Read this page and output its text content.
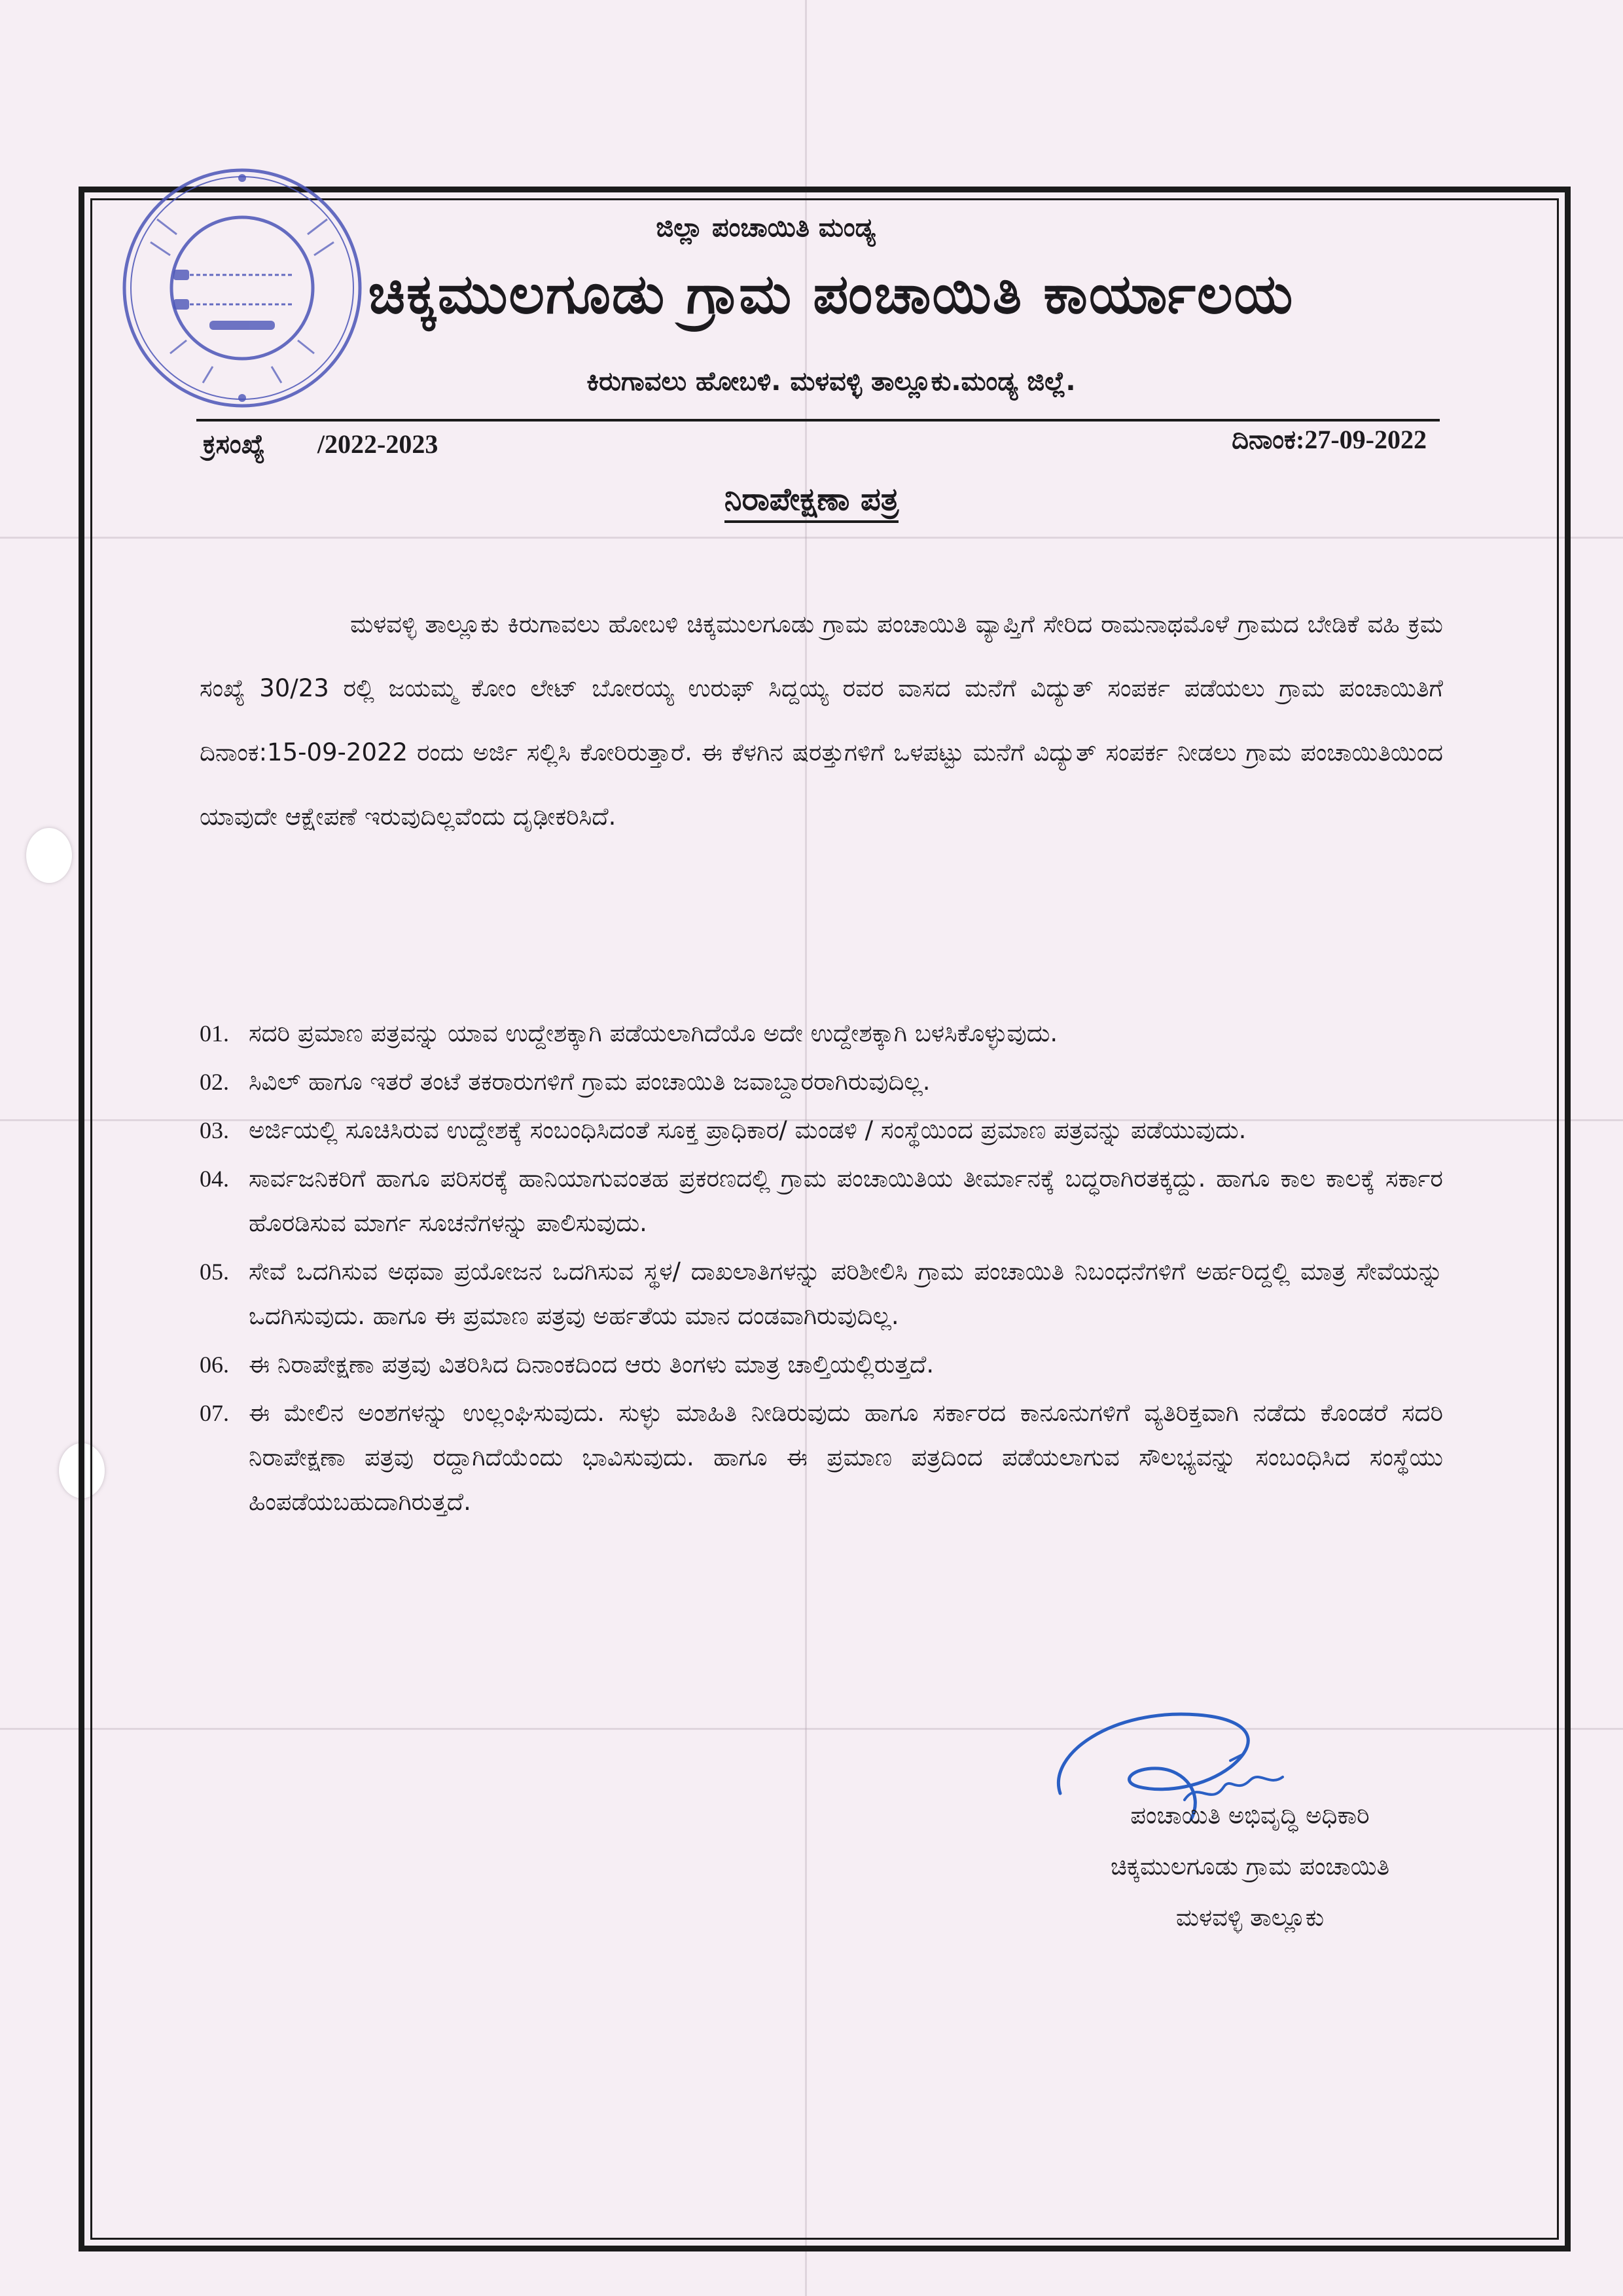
ಜಿಲ್ಲಾ ಪಂಚಾಯಿತಿ ಮಂಡ್ಯ
ಚಿಕ್ಕಮುಲಗೂಡು ಗ್ರಾಮ ಪಂಚಾಯಿತಿ ಕಾರ್ಯಾಲಯ
ಕಿರುಗಾವಲು ಹೋಬಳಿ. ಮಳವಳ್ಳಿ ತಾಲ್ಲೂಕು.ಮಂಡ್ಯ ಜಿಲ್ಲೆ.
ಕ್ರಸಂಖ್ಯೆ /2022-2023	ದಿನಾಂಕ:27-09-2022
ನಿರಾಪೇಕ್ಷಣಾ ಪತ್ರ
ಮಳವಳ್ಳಿ ತಾಲ್ಲೂಕು ಕಿರುಗಾವಲು ಹೋಬಳಿ ಚಿಕ್ಕಮುಲಗೂಡು ಗ್ರಾಮ ಪಂಚಾಯಿತಿ ವ್ಯಾಪ್ತಿಗೆ ಸೇರಿದ ರಾಮನಾಥಮೊಳೆ ಗ್ರಾಮದ ಬೇಡಿಕೆ ವಹಿ ಕ್ರಮ ಸಂಖ್ಯೆ 30/23 ರಲ್ಲಿ ಜಯಮ್ಮ ಕೋಂ ಲೇಟ್ ಬೋರಯ್ಯ ಉರುಫ್ ಸಿದ್ದಯ್ಯ ರವರ ವಾಸದ ಮನೆಗೆ ವಿದ್ಯುತ್ ಸಂಪರ್ಕ ಪಡೆಯಲು ಗ್ರಾಮ ಪಂಚಾಯಿತಿಗೆ ದಿನಾಂಕ:15-09-2022 ರಂದು ಅರ್ಜಿ ಸಲ್ಲಿಸಿ ಕೋರಿರುತ್ತಾರೆ. ಈ ಕೆಳಗಿನ ಷರತ್ತುಗಳಿಗೆ ಒಳಪಟ್ಟು ಮನೆಗೆ ವಿದ್ಯುತ್ ಸಂಪರ್ಕ ನೀಡಲು ಗ್ರಾಮ ಪಂಚಾಯಿತಿಯಿಂದ ಯಾವುದೇ ಆಕ್ಷೇಪಣೆ ಇರುವುದಿಲ್ಲವೆಂದು ದೃಢೀಕರಿಸಿದೆ.
01. ಸದರಿ ಪ್ರಮಾಣ ಪತ್ರವನ್ನು ಯಾವ ಉದ್ದೇಶಕ್ಕಾಗಿ ಪಡೆಯಲಾಗಿದೆಯೊ ಅದೇ ಉದ್ದೇಶಕ್ಕಾಗಿ ಬಳಸಿಕೊಳ್ಳುವುದು.
02. ಸಿವಿಲ್ ಹಾಗೂ ಇತರೆ ತಂಟೆ ತಕರಾರುಗಳಿಗೆ ಗ್ರಾಮ ಪಂಚಾಯಿತಿ ಜವಾಬ್ದಾರರಾಗಿರುವುದಿಲ್ಲ.
03. ಅರ್ಜಿಯಲ್ಲಿ ಸೂಚಿಸಿರುವ ಉದ್ದೇಶಕ್ಕೆ ಸಂಬಂಧಿಸಿದಂತೆ ಸೂಕ್ತ ಪ್ರಾಧಿಕಾರ/ ಮಂಡಳಿ / ಸಂಸ್ಥೆಯಿಂದ ಪ್ರಮಾಣ ಪತ್ರವನ್ನು ಪಡೆಯುವುದು.
04. ಸಾರ್ವಜನಿಕರಿಗೆ ಹಾಗೂ ಪರಿಸರಕ್ಕೆ ಹಾನಿಯಾಗುವಂತಹ ಪ್ರಕರಣದಲ್ಲಿ ಗ್ರಾಮ ಪಂಚಾಯಿತಿಯ ತೀರ್ಮಾನಕ್ಕೆ ಬದ್ಧರಾಗಿರತಕ್ಕದ್ದು. ಹಾಗೂ ಕಾಲ ಕಾಲಕ್ಕೆ ಸರ್ಕಾರ ಹೊರಡಿಸುವ ಮಾರ್ಗ ಸೂಚನೆಗಳನ್ನು ಪಾಲಿಸುವುದು.
05. ಸೇವೆ ಒದಗಿಸುವ ಅಥವಾ ಪ್ರಯೋಜನ ಒದಗಿಸುವ ಸ್ಥಳ/ ದಾಖಲಾತಿಗಳನ್ನು ಪರಿಶೀಲಿಸಿ ಗ್ರಾಮ ಪಂಚಾಯಿತಿ ನಿಬಂಧನೆಗಳಿಗೆ ಅರ್ಹರಿದ್ದಲ್ಲಿ ಮಾತ್ರ ಸೇವೆಯನ್ನು ಒದಗಿಸುವುದು. ಹಾಗೂ ಈ ಪ್ರಮಾಣ ಪತ್ರವು ಅರ್ಹತೆಯ ಮಾನ ದಂಡವಾಗಿರುವುದಿಲ್ಲ.
06. ಈ ನಿರಾಪೇಕ್ಷಣಾ ಪತ್ರವು ವಿತರಿಸಿದ ದಿನಾಂಕದಿಂದ ಆರು ತಿಂಗಳು ಮಾತ್ರ ಚಾಲ್ತಿಯಲ್ಲಿರುತ್ತದೆ.
07. ಈ ಮೇಲಿನ ಅಂಶಗಳನ್ನು ಉಲ್ಲಂಘಿಸುವುದು. ಸುಳ್ಳು ಮಾಹಿತಿ ನೀಡಿರುವುದು ಹಾಗೂ ಸರ್ಕಾರದ ಕಾನೂನುಗಳಿಗೆ ವ್ಯತಿರಿಕ್ತವಾಗಿ ನಡೆದು ಕೊಂಡರೆ ಸದರಿ ನಿರಾಪೇಕ್ಷಣಾ ಪತ್ರವು ರದ್ದಾಗಿದೆಯೆಂದು ಭಾವಿಸುವುದು. ಹಾಗೂ ಈ ಪ್ರಮಾಣ ಪತ್ರದಿಂದ ಪಡೆಯಲಾಗುವ ಸೌಲಭ್ಯವನ್ನು ಸಂಬಂಧಿಸಿದ ಸಂಸ್ಥೆಯು ಹಿಂಪಡೆಯಬಹುದಾಗಿರುತ್ತದೆ.
ಪಂಚಾಯಿತಿ ಅಭಿವೃದ್ಧಿ ಅಧಿಕಾರಿ
ಚಿಕ್ಕಮುಲಗೂಡು ಗ್ರಾಮ ಪಂಚಾಯಿತಿ
ಮಳವಳ್ಳಿ ತಾಲ್ಲೂಕು
